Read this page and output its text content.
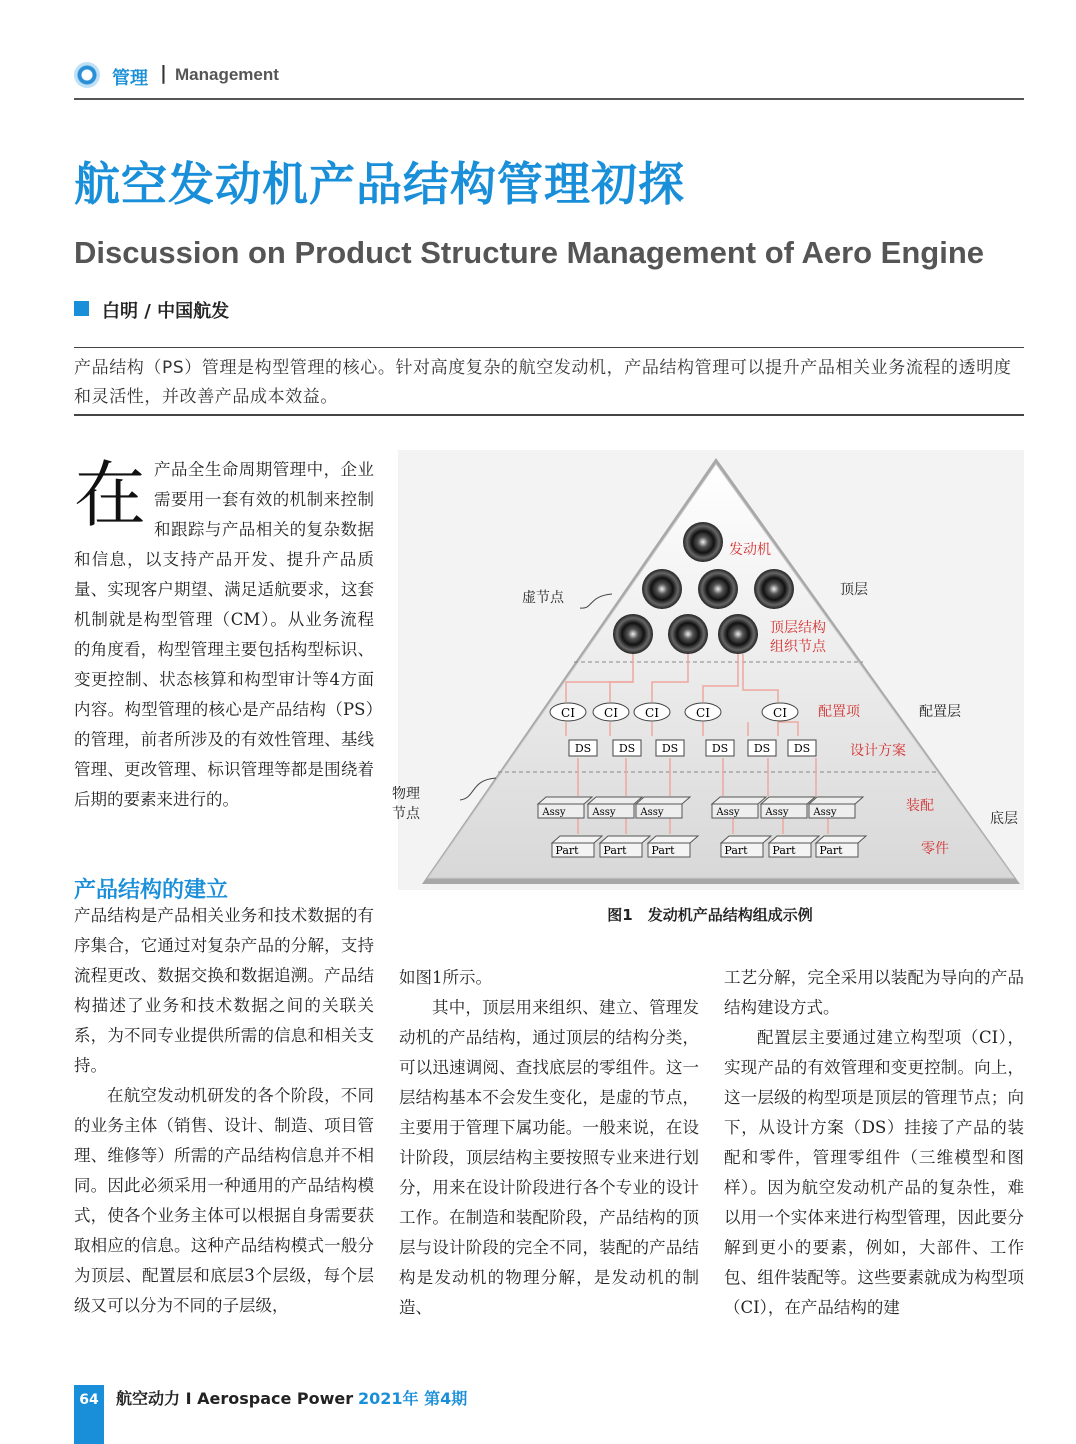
管理 | Management
航空发动机产品结构管理初探
Discussion on Product Structure Management of Aero Engine
白明 / 中国航发
产品结构（PS）管理是构型管理的核心。针对高度复杂的航空发动机，产品结构管理可以提升产品相关业务流程的透明度和灵活性，并改善产品成本效益。
在产品全生命周期管理中，企业需要用一套有效的机制来控制和跟踪与产品相关的复杂数据和信息，以支持产品开发、提升产品质量、实现客户期望、满足适航要求，这套机制就是构型管理（CM）。从业务流程的角度看，构型管理主要包括构型标识、变更控制、状态核算和构型审计等4方面内容。构型管理的核心是产品结构（PS）的管理，前者所涉及的有效性管理、基线管理、更改管理、标识管理等都是围绕着后期的要素来进行的。
产品结构的建立
产品结构是产品相关业务和技术数据的有序集合，它通过对复杂产品的分解，支持流程更改、数据交换和数据追溯。产品结构描述了业务和技术数据之间的关联关系，为不同专业提供所需的信息和相关支持。
在航空发动机研发的各个阶段，不同的业务主体（销售、设计、制造、项目管理、维修等）所需的产品结构信息并不相同。因此必须采用一种通用的产品结构模式，使各个业务主体可以根据自身需要获取相应的信息。这种产品结构模式一般分为顶层、配置层和底层3个层级，每个层级又可以分为不同的子层级，
CI CI CI	CI	CI
DS	DS DS	DS DS DS
Assy	Assy Assy	Assy	Assy Assy
Part Part Part	Part Part Part
发动机
顶层结构
组织节点
配置项
设计方案
装配
零件
虚节点	顶层
配置层
底层
物理
节点
图1　发动机产品结构组成示例
如图1所示。
其中，顶层用来组织、建立、管理发动机的产品结构，通过顶层的结构分类，可以迅速调阅、查找底层的零组件。这一层结构基本不会发生变化，是虚的节点，主要用于管理下属功能。一般来说，在设计阶段，顶层结构主要按照专业来进行划分，用来在设计阶段进行各个专业的设计工作。在制造和装配阶段，产品结构的顶层与设计阶段的完全不同，装配的产品结构是发动机的物理分解，是发动机的制造、
工艺分解，完全采用以装配为导向的产品结构建设方式。
配置层主要通过建立构型项（CI），实现产品的有效管理和变更控制。向上，这一层级的构型项是顶层的管理节点；向下，从设计方案（DS）挂接了产品的装配和零件，管理零组件（三维模型和图样）。因为航空发动机产品的复杂性，难以用一个实体来进行构型管理，因此要分解到更小的要素，例如，大部件、工作包、组件装配等。这些要素就成为构型项（CI），在产品结构的建
64	航空动力 I Aerospace Power 2021年 第4期
